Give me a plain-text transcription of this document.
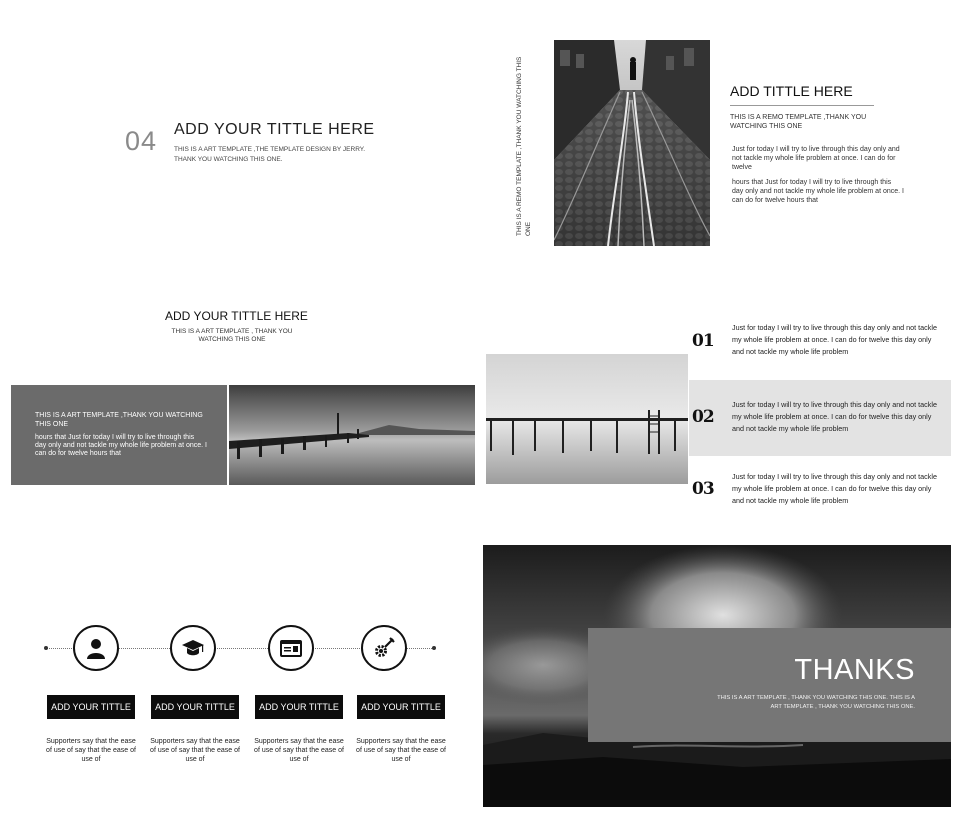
04 ADD YOUR TITTLE HERE
THIS IS A ART TEMPLATE ,THE TEMPLATE DESIGN BY JERRY. THANK YOU WATCHING THIS ONE.	THIS IS A REMO TEMPLATE ,THANK YOU WATCHING THIS ONE
ADD TITTLE HERE
THIS IS A REMO TEMPLATE ,THANK YOU WATCHING THIS ONE
Just for today I will try to live through this day only and not tackle my whole life problem at once. I can do for twelve
hours that Just for today I will try to live through this day only and not tackle my whole life problem at once. I can do for twelve hours that
ADD YOUR TITTLE HERE
THIS IS A ART TEMPLATE , THANK YOU WATCHING THIS ONE
THIS IS A ART TEMPLATE ,THANK YOU WATCHING THIS ONE
hours that Just for today I will try to live through this day only and not tackle my whole life problem at once. I can do for twelve hours that
01
Just for today I will try to live through this day only and not tackle my whole life problem at once. I can do for twelve this day only and not tackle my whole life problem
02
Just for today I will try to live through this day only and not tackle my whole life problem at once. I can do for twelve this day only and not tackle my whole life problem
03
Just for today I will try to live through this day only and not tackle my whole life problem at once. I can do for twelve this day only and not tackle my whole life problem
ADD YOUR TITTLE	ADD YOUR TITTLE	ADD YOUR TITTLE	ADD YOUR TITTLE
Supporters say that the ease of use of say that the ease of use of
Supporters say that the ease of use of say that the ease of use of
Supporters say that the ease of use of say that the ease of use of
Supporters say that the ease of use of say that the ease of use of
THANKS
THIS IS A ART TEMPLATE , THANK YOU WATCHING THIS ONE. THIS IS A ART TEMPLATE , THANK YOU WATCHING THIS ONE.
